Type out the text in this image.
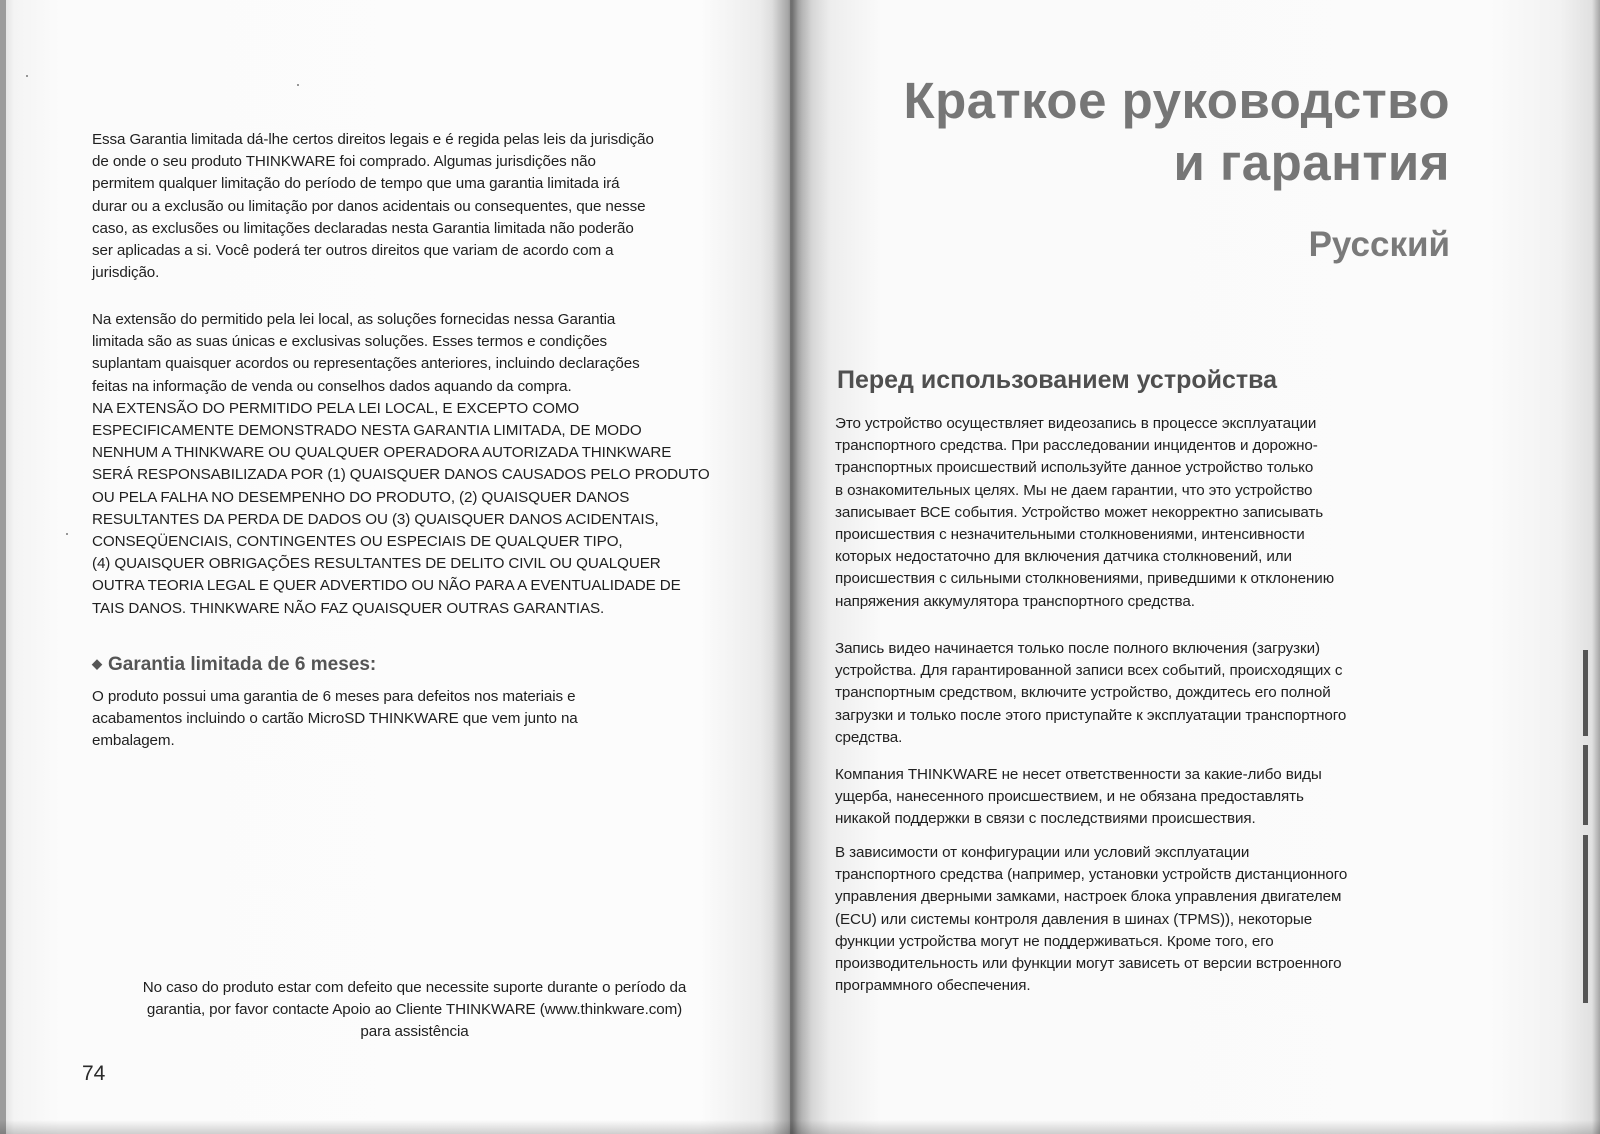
Essa Garantia limitada dá-lhe certos direitos legais e é regida pelas leis da jurisdição
de onde o seu produto THINKWARE foi comprado. Algumas jurisdições não
permitem qualquer limitação do período de tempo que uma garantia limitada irá
durar ou a exclusão ou limitação por danos acidentais ou consequentes, que nesse
caso, as exclusões ou limitações declaradas nesta Garantia limitada não poderão
ser aplicadas a si. Você poderá ter outros direitos que variam de acordo com a
jurisdição.

Na extensão do permitido pela lei local, as soluções fornecidas nessa Garantia
limitada são as suas únicas e exclusivas soluções. Esses termos e condições
suplantam quaisquer acordos ou representações anteriores, incluindo declarações
feitas na informação de venda ou conselhos dados aquando da compra.
NA EXTENSÃO DO PERMITIDO PELA LEI LOCAL, E EXCEPTO COMO
ESPECIFICAMENTE DEMONSTRADO NESTA GARANTIA LIMITADA, DE MODO
NENHUM A THINKWARE OU QUALQUER OPERADORA AUTORIZADA THINKWARE
SERÁ RESPONSABILIZADA POR (1) QUAISQUER DANOS CAUSADOS PELO PRODUTO
OU PELA FALHA NO DESEMPENHO DO PRODUTO, (2) QUAISQUER DANOS
RESULTANTES DA PERDA DE DADOS OU (3) QUAISQUER DANOS ACIDENTAIS,
CONSEQÜENCIAIS, CONTINGENTES OU ESPECIAIS DE QUALQUER TIPO,
(4) QUAISQUER OBRIGAÇÕES RESULTANTES DE DELITO CIVIL OU QUALQUER
OUTRA TEORIA LEGAL E QUER ADVERTIDO OU NÃO PARA A EVENTUALIDADE DE
TAIS DANOS. THINKWARE NÃO FAZ QUAISQUER OUTRAS GARANTIAS.

◆ Garantia limitada de 6 meses:

O produto possui uma garantia de 6 meses para defeitos nos materiais e
acabamentos incluindo o cartão MicroSD THINKWARE que vem junto na
embalagem.

No caso do produto estar com defeito que necessite suporte durante o período da
garantia, por favor contacte Apoio ao Cliente THINKWARE (www.thinkware.com)
para assistência

74

Краткое руководство
и гарантия
Русский
Перед использованием устройства

Это устройство осуществляет видеозапись в процессе эксплуатации
транспортного средства. При расследовании инцидентов и дорожно-
транспортных происшествий используйте данное устройство только
в ознакомительных целях. Мы не даем гарантии, что это устройство
записывает ВСЕ события. Устройство может некорректно записывать
происшествия с незначительными столкновениями, интенсивности
которых недостаточно для включения датчика столкновений, или
происшествия с сильными столкновениями, приведшими к отклонению
напряжения аккумулятора транспортного средства.

Запись видео начинается только после полного включения (загрузки)
устройства. Для гарантированной записи всех событий, происходящих с
транспортным средством, включите устройство, дождитесь его полной
загрузки и только после этого приступайте к эксплуатации транспортного
средства.

Компания THINKWARE не несет ответственности за какие-либо виды
ущерба, нанесенного происшествием, и не обязана предоставлять
никакой поддержки в связи с последствиями происшествия.

В зависимости от конфигурации или условий эксплуатации
транспортного средства (например, установки устройств дистанционного
управления дверными замками, настроек блока управления двигателем
(ECU) или системы контроля давления в шинах (TPMS)), некоторые
функции устройства могут не поддерживаться. Кроме того, его
производительность или функции могут зависеть от версии встроенного
программного обеспечения.
